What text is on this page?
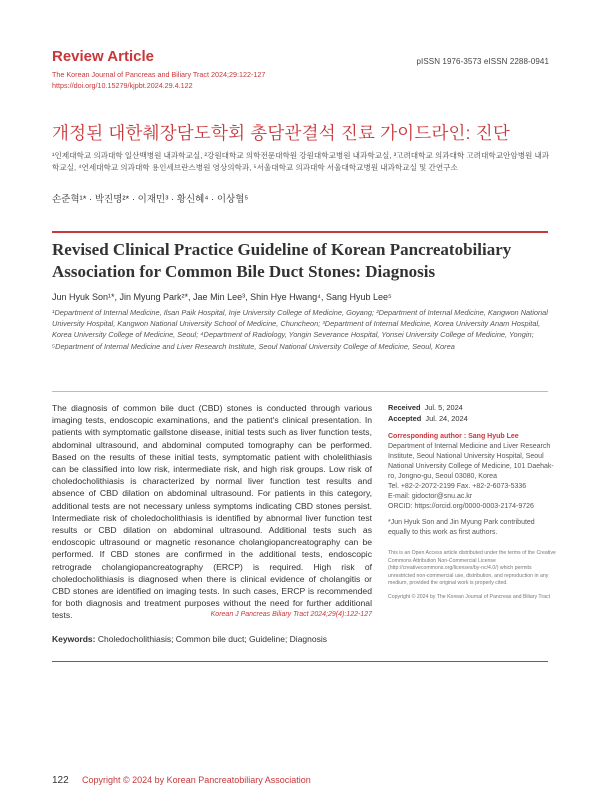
Review Article	pISSN 1976-3573 eISSN 2288-0941
The Korean Journal of Pancreas and Biliary Tract 2024;29:122-127
https://doi.org/10.15279/kjpbt.2024.29.4.122
개정된 대한췌장담도학회 총담관결석 진료 가이드라인: 진단
¹인제대학교 의과대학 일산백병원 내과학교실, ²강원대학교 의학전문대학원 강원대학교병원 내과학교실, ³고려대학교 의과대학 고려대학교안암병원 내과학교실, ⁴연세대학교 의과대학 용인세브란스병원 영상의학과, ⁵서울대학교 의과대학 서울대학교병원 내과학교실 및 간연구소
손준혁¹* · 박진명²* · 이재민³ · 황신혜⁴ · 이상협⁵
Revised Clinical Practice Guideline of Korean Pancreatobiliary Association for Common Bile Duct Stones: Diagnosis
Jun Hyuk Son¹*, Jin Myung Park²*, Jae Min Lee³, Shin Hye Hwang⁴, Sang Hyub Lee⁵
¹Department of Internal Medicine, Ilsan Paik Hospital, Inje University College of Medicine, Goyang; ²Department of Internal Medicine, Kangwon National University Hospital, Kangwon National University School of Medicine, Chuncheon; ³Department of Internal Medicine, Korea University Anam Hospital, Korea University College of Medicine, Seoul; ⁴Department of Radiology, Yongin Severance Hospital, Yonsei University College of Medicine, Yongin; ⁵Department of Internal Medicine and Liver Research Institute, Seoul National University College of Medicine, Seoul, Korea
The diagnosis of common bile duct (CBD) stones is conducted through various imaging tests, endoscopic examinations, and the patient's clinical presentation. In patients with symptomatic gallstone disease, initial tests such as liver function tests, abdominal ultrasound, and abdominal computed tomography can be performed. Based on the results of these initial tests, symptomatic patient with cholelithiasis can be classified into low risk, intermediate risk, and high risk groups. Low risk of choledocholithiasis is characterized by normal liver function test results and absence of CBD dilation on abdominal ultrasound. For patients in this category, additional tests are not necessary unless symptoms indicating CBD stones persist. Intermediate risk of choledocholithiasis is identified by abnormal liver function test results or CBD dilation on abdominal ultrasound. Additional tests such as endoscopic ultrasound or magnetic resonance cholangiopancreatography can be performed. If CBD stones are confirmed in the additional tests, endoscopic retrograde cholangiopancreatography (ERCP) is required. High risk of choledocholithiasis is diagnosed when there is clinical evidence of cholangitis or CBD stones are identified on imaging tests. In such cases, ERCP is recommended for both diagnosis and treatment purposes without the need for further additional tests.	Korean J Pancreas Biliary Tract 2024;29(4):122-127
Keywords: Choledocholithiasis; Common bile duct; Guideline; Diagnosis
Received Jul. 5, 2024
Accepted Jul. 24, 2024
Corresponding author : Sang Hyub Lee
Department of Internal Medicine and Liver Research Institute, Seoul National University Hospital, Seoul National University College of Medicine, 101 Daehak-ro, Jongno-gu, Seoul 03080, Korea
Tel. +82-2-2072-2199 Fax. +82-2-6073-5336
E-mail: gidoctor@snu.ac.kr
ORCID: https://orcid.org/0000-0003-2174-9726
*Jun Hyuk Son and Jin Myung Park contributed equally to this work as first authors.
This is an Open Access article distributed under the terms of the Creative Commons Attribution Non-Commercial License (http://creativecommons.org/licenses/by-nc/4.0/) which permits unrestricted non-commercial use, distribution, and reproduction in any medium, provided the original work is properly cited.
Copyright © 2024 by The Korean Journal of Pancreas and Biliary Tract
122 Copyright © 2024 by Korean Pancreatobiliary Association
